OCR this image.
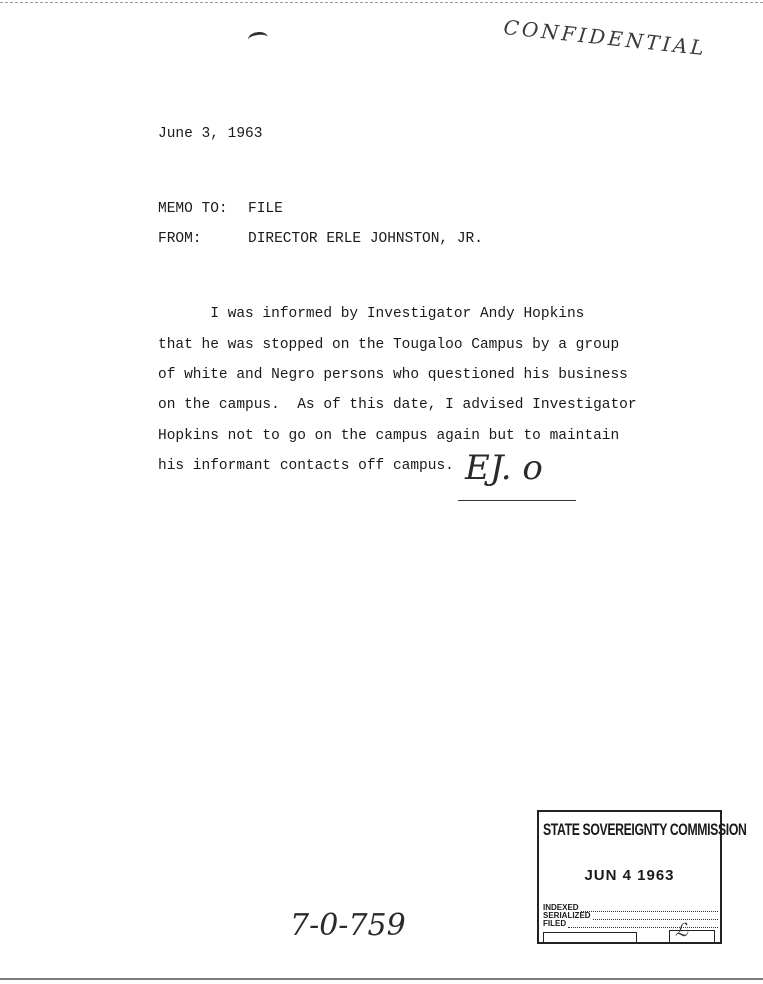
CONFIDENTIAL
June 3, 1963
MEMO TO: FILE
FROM:	DIRECTOR ERLE JOHNSTON, JR.

I was informed by Investigator Andy Hopkins

that he was stopped on the Tougaloo Campus by a group

of white and Negro persons who questioned his business

on the campus.  As of this date, I advised Investigator

Hopkins not to go on the campus again but to maintain

his informant contacts off campus. EJ. o
STATE SOVEREIGNTY COMMISSION
JUN 4 1963
INDEXED
SERIALIZED
FILED	ℒ
7-0-759
